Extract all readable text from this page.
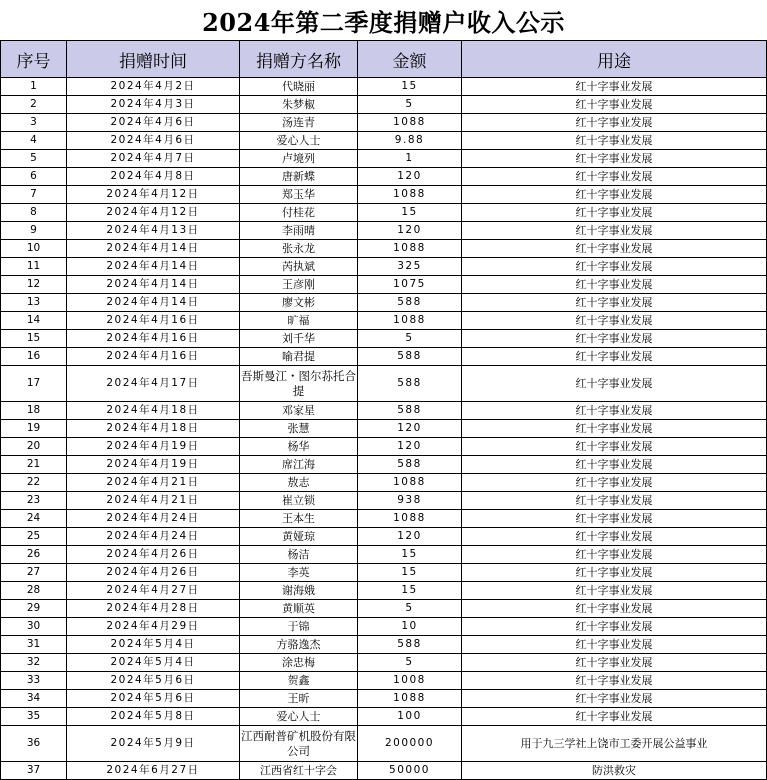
2024年第二季度捐赠户收入公示
序号	捐赠时间	捐赠方名称	金额	用途
1	2024年4月2日	代晓丽	15	红十字事业发展
2	2024年4月3日	朱梦椒	5	红十字事业发展
3	2024年4月6日	汤连青	1088	红十字事业发展
4	2024年4月6日	爱心人士	9.88	红十字事业发展
5	2024年4月7日	卢境列	1	红十字事业发展
6	2024年4月8日	唐新蝶	120	红十字事业发展
7	2024年4月12日	郑玉华	1088	红十字事业发展
8	2024年4月12日	付桂花	15	红十字事业发展
9	2024年4月13日	李雨晴	120	红十字事业发展
10	2024年4月14日	张永龙	1088	红十字事业发展
11	2024年4月14日	芮执斌	325	红十字事业发展
12	2024年4月14日	王彦刚	1075	红十字事业发展
13	2024年4月14日	廖文彬	588	红十字事业发展
14	2024年4月16日	旷福	1088	红十字事业发展
15	2024年4月16日	刘千华	5	红十字事业发展
16	2024年4月16日	喻君提	588	红十字事业发展
17	2024年4月17日	吾斯曼江・图尔荪托合提	588	红十字事业发展
18	2024年4月18日	邓家星	588	红十字事业发展
19	2024年4月18日	张慧	120	红十字事业发展
20	2024年4月19日	杨华	120	红十字事业发展
21	2024年4月19日	席江海	588	红十字事业发展
22	2024年4月21日	敖志	1088	红十字事业发展
23	2024年4月21日	崔立锁	938	红十字事业发展
24	2024年4月24日	王本生	1088	红十字事业发展
25	2024年4月24日	黄娅琼	120	红十字事业发展
26	2024年4月26日	杨洁	15	红十字事业发展
27	2024年4月26日	李英	15	红十字事业发展
28	2024年4月27日	谢海娥	15	红十字事业发展
29	2024年4月28日	黄顺英	5	红十字事业发展
30	2024年4月29日	于锦	10	红十字事业发展
31	2024年5月4日	方骆逸杰	588	红十字事业发展
32	2024年5月4日	涂忠梅	5	红十字事业发展
33	2024年5月6日	贺鑫	1008	红十字事业发展
34	2024年5月6日	王昕	1088	红十字事业发展
35	2024年5月8日	爱心人士	100	红十字事业发展
36	2024年5月9日	江西耐普矿机股份有限公司	200000	用于九三学社上饶市工委开展公益事业
37	2024年6月27日	江西省红十字会	50000	防洪救灾
